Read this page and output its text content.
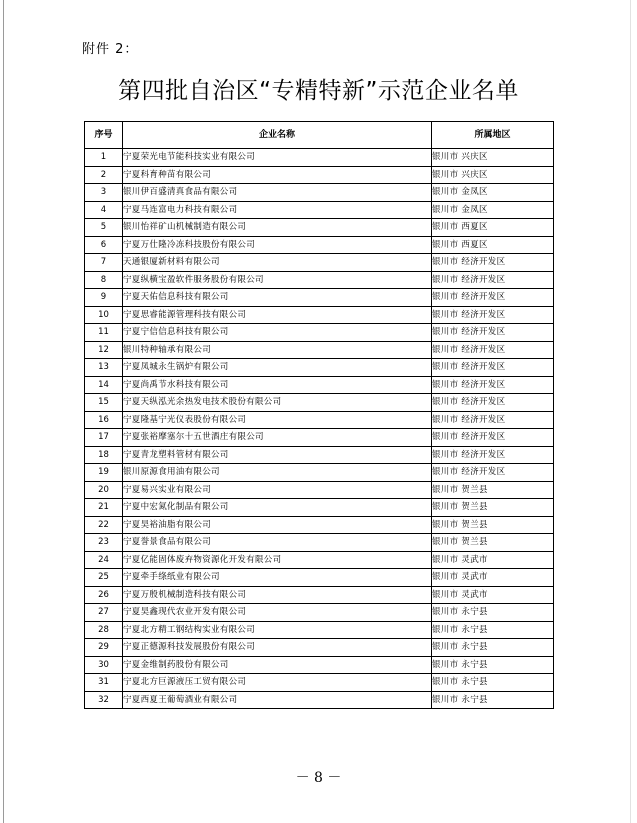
附件 2：
第四批自治区“专精特新”示范企业名单
序号	企业名称	所属地区
1	宁夏荣光电节能科技实业有限公司	银川市 兴庆区
2	宁夏科育种苗有限公司	银川市 兴庆区
3	银川伊百盛清真食品有限公司	银川市 金凤区
4	宁夏马连富电力科技有限公司	银川市 金凤区
5	银川怡祥矿山机械制造有限公司	银川市 西夏区
6	宁夏万仕隆冷冻科技股份有限公司	银川市 西夏区
7	天通银厦新材料有限公司	银川市 经济开发区
8	宁夏纵横宝盈软件服务股份有限公司	银川市 经济开发区
9	宁夏天佑信息科技有限公司	银川市 经济开发区
10	宁夏思睿能源管理科技有限公司	银川市 经济开发区
11	宁夏宁信信息科技有限公司	银川市 经济开发区
12	银川特种轴承有限公司	银川市 经济开发区
13	宁夏凤城永生锅炉有限公司	银川市 经济开发区
14	宁夏尚禹节水科技有限公司	银川市 经济开发区
15	宁夏天纵泓光余热发电技术股份有限公司	银川市 经济开发区
16	宁夏隆基宁光仪表股份有限公司	银川市 经济开发区
17	宁夏张裕摩塞尔十五世酒庄有限公司	银川市 经济开发区
18	宁夏青龙塑料管材有限公司	银川市 经济开发区
19	银川原源食用油有限公司	银川市 经济开发区
20	宁夏易兴实业有限公司	银川市 贺兰县
21	宁夏中宏氮化制品有限公司	银川市 贺兰县
22	宁夏昊裕油脂有限公司	银川市 贺兰县
23	宁夏誉景食品有限公司	银川市 贺兰县
24	宁夏亿能固体废弃物资源化开发有限公司	银川市 灵武市
25	宁夏牵手绦纸业有限公司	银川市 灵武市
26	宁夏万殷机械制造科技有限公司	银川市 灵武市
27	宁夏昊鑫现代农业开发有限公司	银川市 永宁县
28	宁夏北方精工钢结构实业有限公司	银川市 永宁县
29	宁夏正德源科技发展股份有限公司	银川市 永宁县
30	宁夏金维制药股份有限公司	银川市 永宁县
31	宁夏北方巨源液压工贸有限公司	银川市 永宁县
32	宁夏西夏王葡萄酒业有限公司	银川市 永宁县
－ 8 －
